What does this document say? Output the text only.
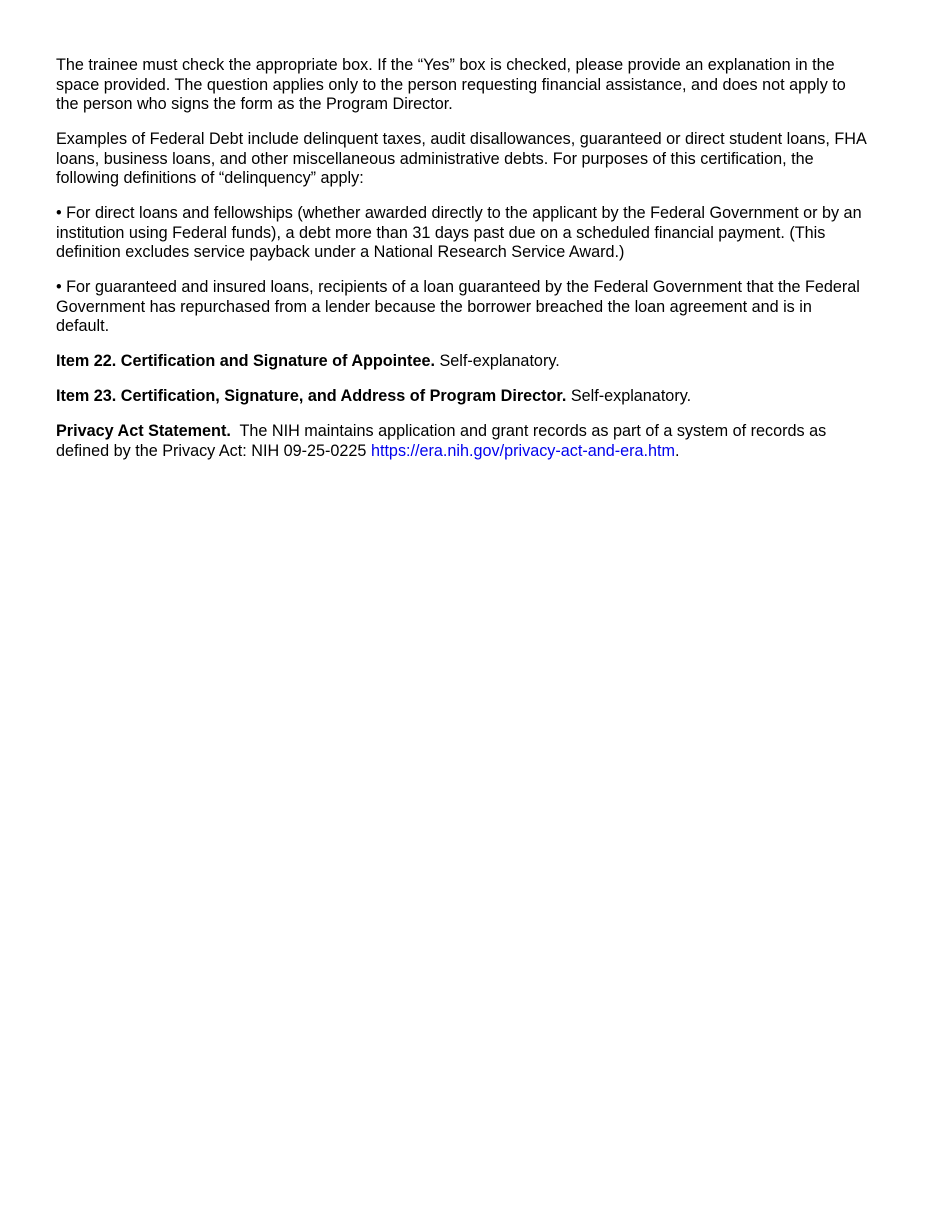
The trainee must check the appropriate box. If the “Yes” box is checked, please provide an explanation in the space provided. The question applies only to the person requesting financial assistance, and does not apply to the person who signs the form as the Program Director.

Examples of Federal Debt include delinquent taxes, audit disallowances, guaranteed or direct student loans, FHA loans, business loans, and other miscellaneous administrative debts. For purposes of this certification, the following definitions of “delinquency” apply:

• For direct loans and fellowships (whether awarded directly to the applicant by the Federal Government or by an institution using Federal funds), a debt more than 31 days past due on a scheduled financial payment. (This definition excludes service payback under a National Research Service Award.)

• For guaranteed and insured loans, recipients of a loan guaranteed by the Federal Government that the Federal Government has repurchased from a lender because the borrower breached the loan agreement and is in default.

Item 22. Certification and Signature of Appointee. Self-explanatory.

Item 23. Certification, Signature, and Address of Program Director. Self-explanatory.

Privacy Act Statement.  The NIH maintains application and grant records as part of a system of records as defined by the Privacy Act: NIH 09-25-0225 https://era.nih.gov/privacy-act-and-era.htm.
